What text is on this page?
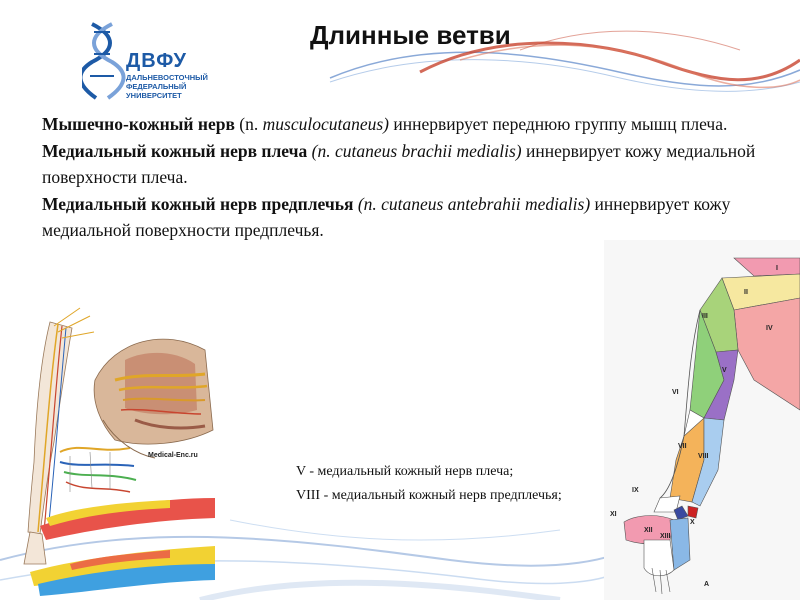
ДВФУ
ДАЛЬНЕВОСТОЧНЫЙ
ФЕДЕРАЛЬНЫЙ
УНИВЕРСИТЕТ
Длинные ветви

Мышечно-кожный нерв (n. musculocutaneus) иннервирует переднюю группу мышц плеча.

Медиальный кожный нерв плеча (n. cutaneus brachii medialis) иннервирует кожу медиальной поверхности плеча.

Медиальный кожный нерв предплечья (n. cutaneus antebrahii medialis) иннервирует кожу медиальной поверхности предплечья.

Medical-Enc.ru

V - медиальный кожный нерв плеча;

VIII - медиальный кожный нерв предплечья;

I
II
III
IV
V
VI
VII
VIII
IX
X
XI
XII
XIII
А
